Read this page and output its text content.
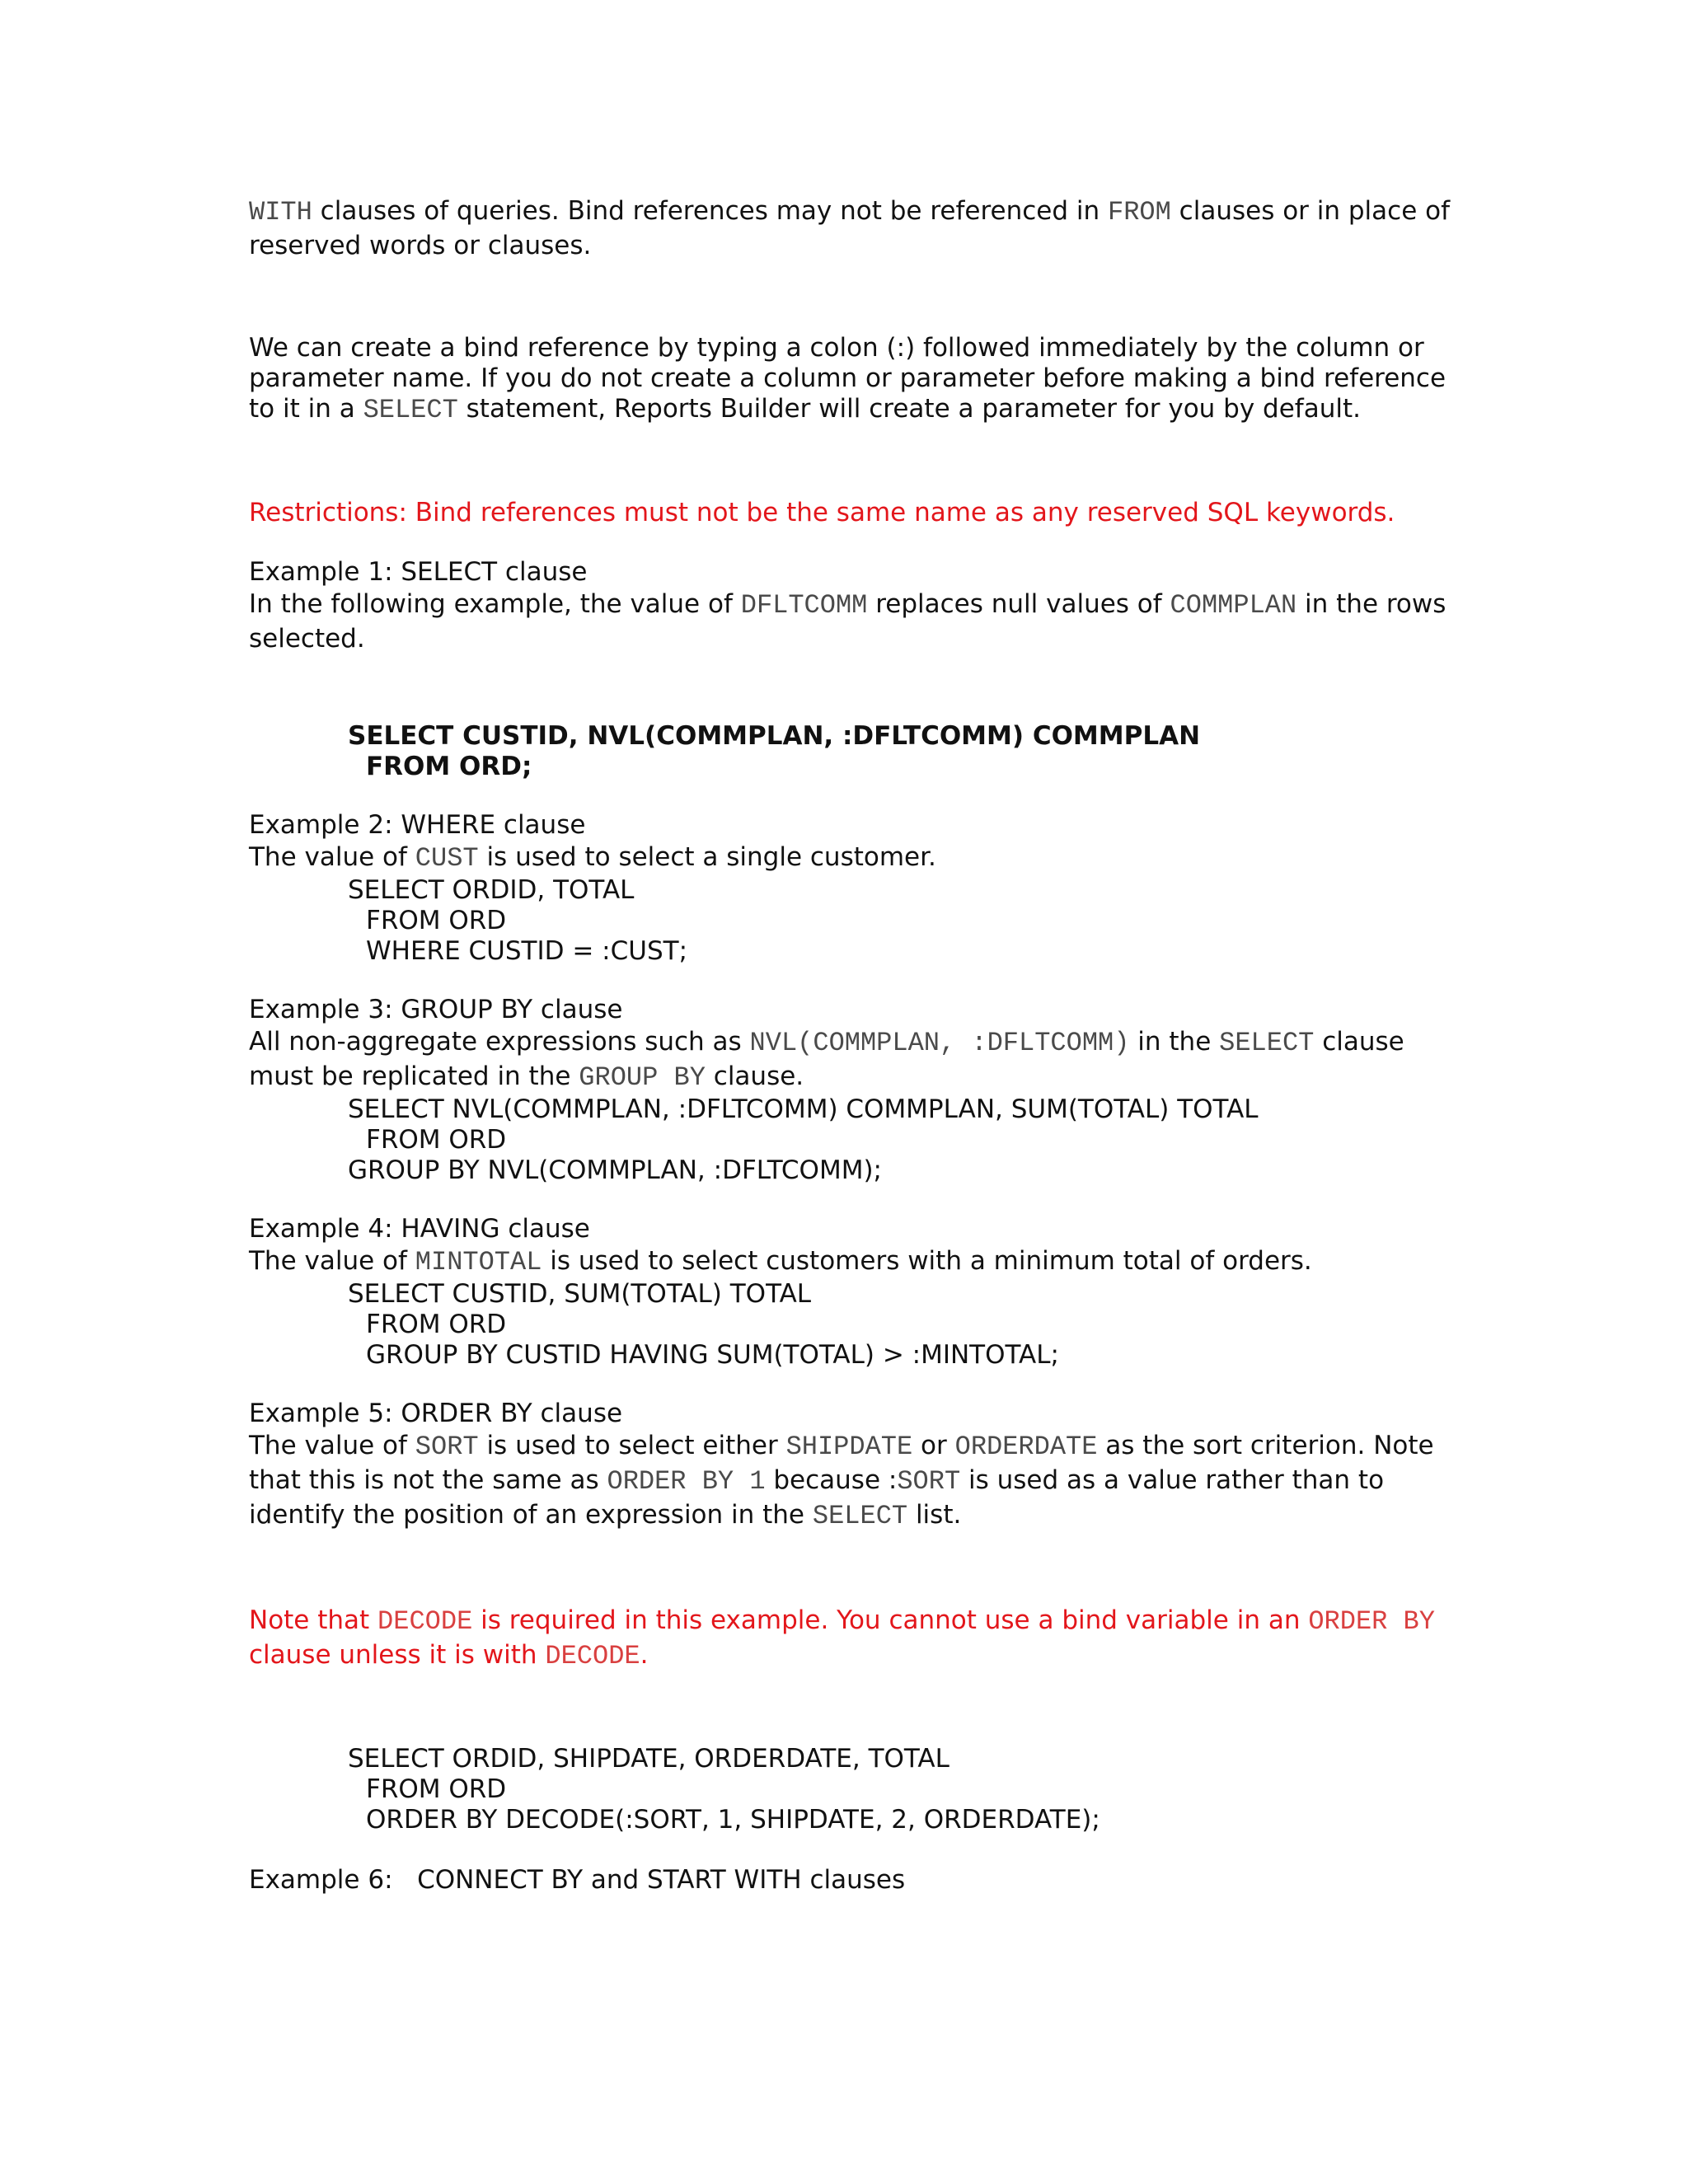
WITH clauses of queries. Bind references may not be referenced in FROM clauses or in place of reserved words or clauses.

We can create a bind reference by typing a colon (:) followed immediately by the column or parameter name. If you do not create a column or parameter before making a bind reference to it in a SELECT statement, Reports Builder will create a parameter for you by default.

Restrictions: Bind references must not be the same name as any reserved SQL keywords.

Example 1: SELECT clause

In the following example, the value of DFLTCOMM replaces null values of COMMPLAN in the rows selected.

SELECT CUSTID, NVL(COMMPLAN, :DFLTCOMM) COMMPLAN
FROM ORD;

Example 2: WHERE clause

The value of CUST is used to select a single customer.

SELECT ORDID, TOTAL
FROM ORD
WHERE CUSTID = :CUST;

Example 3: GROUP BY clause

All non-aggregate expressions such as NVL(COMMPLAN, :DFLTCOMM) in the SELECT clause must be replicated in the GROUP BY clause.

SELECT NVL(COMMPLAN, :DFLTCOMM) COMMPLAN, SUM(TOTAL) TOTAL
FROM ORD
GROUP BY NVL(COMMPLAN, :DFLTCOMM);

Example 4: HAVING clause

The value of MINTOTAL is used to select customers with a minimum total of orders.

SELECT CUSTID, SUM(TOTAL) TOTAL
FROM ORD
GROUP BY CUSTID HAVING SUM(TOTAL) > :MINTOTAL;

Example 5: ORDER BY clause

The value of SORT is used to select either SHIPDATE or ORDERDATE as the sort criterion. Note that this is not the same as ORDER BY 1 because :SORT is used as a value rather than to identify the position of an expression in the SELECT list.

Note that DECODE is required in this example. You cannot use a bind variable in an ORDER BY clause unless it is with DECODE.

SELECT ORDID, SHIPDATE, ORDERDATE, TOTAL
FROM ORD
ORDER BY DECODE(:SORT, 1, SHIPDATE, 2, ORDERDATE);

Example 6:   CONNECT BY and START WITH clauses
